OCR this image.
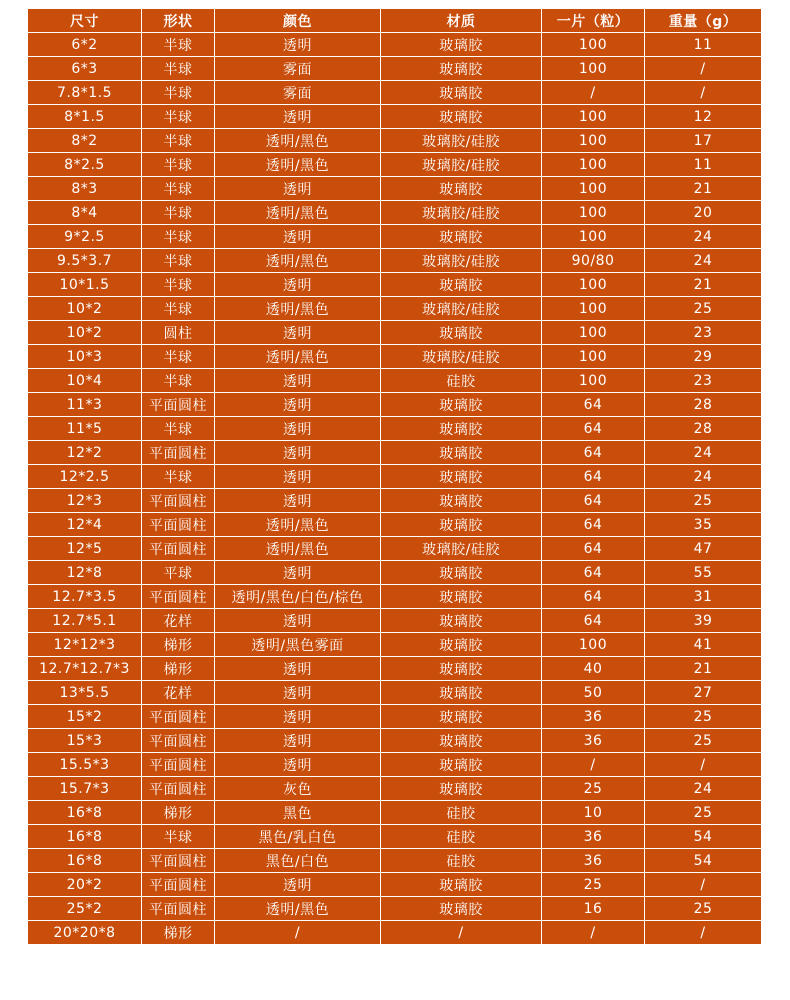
尺寸	形状	颜色	材质	一片（粒）	重量（g）
6*2	半球	透明	玻璃胶	100	11
6*3	半球	雾面	玻璃胶	100	/
7.8*1.5	半球	雾面	玻璃胶	/	/
8*1.5	半球	透明	玻璃胶	100	12
8*2	半球	透明/黑色	玻璃胶/硅胶	100	17
8*2.5	半球	透明/黑色	玻璃胶/硅胶	100	11
8*3	半球	透明	玻璃胶	100	21
8*4	半球	透明/黑色	玻璃胶/硅胶	100	20
9*2.5	半球	透明	玻璃胶	100	24
9.5*3.7	半球	透明/黑色	玻璃胶/硅胶	90/80	24
10*1.5	半球	透明	玻璃胶	100	21
10*2	半球	透明/黑色	玻璃胶/硅胶	100	25
10*2	圆柱	透明	玻璃胶	100	23
10*3	半球	透明/黑色	玻璃胶/硅胶	100	29
10*4	半球	透明	硅胶	100	23
11*3	平面圆柱	透明	玻璃胶	64	28
11*5	半球	透明	玻璃胶	64	28
12*2	平面圆柱	透明	玻璃胶	64	24
12*2.5	半球	透明	玻璃胶	64	24
12*3	平面圆柱	透明	玻璃胶	64	25
12*4	平面圆柱	透明/黑色	玻璃胶	64	35
12*5	平面圆柱	透明/黑色	玻璃胶/硅胶	64	47
12*8	平球	透明	玻璃胶	64	55
12.7*3.5	平面圆柱	透明/黑色/白色/棕色	玻璃胶	64	31
12.7*5.1	花样	透明	玻璃胶	64	39
12*12*3	梯形	透明/黑色雾面	玻璃胶	100	41
12.7*12.7*3	梯形	透明	玻璃胶	40	21
13*5.5	花样	透明	玻璃胶	50	27
15*2	平面圆柱	透明	玻璃胶	36	25
15*3	平面圆柱	透明	玻璃胶	36	25
15.5*3	平面圆柱	透明	玻璃胶	/	/
15.7*3	平面圆柱	灰色	玻璃胶	25	24
16*8	梯形	黑色	硅胶	10	25
16*8	半球	黑色/乳白色	硅胶	36	54
16*8	平面圆柱	黑色/白色	硅胶	36	54
20*2	平面圆柱	透明	玻璃胶	25	/
25*2	平面圆柱	透明/黑色	玻璃胶	16	25
20*20*8	梯形	/	/	/	/
